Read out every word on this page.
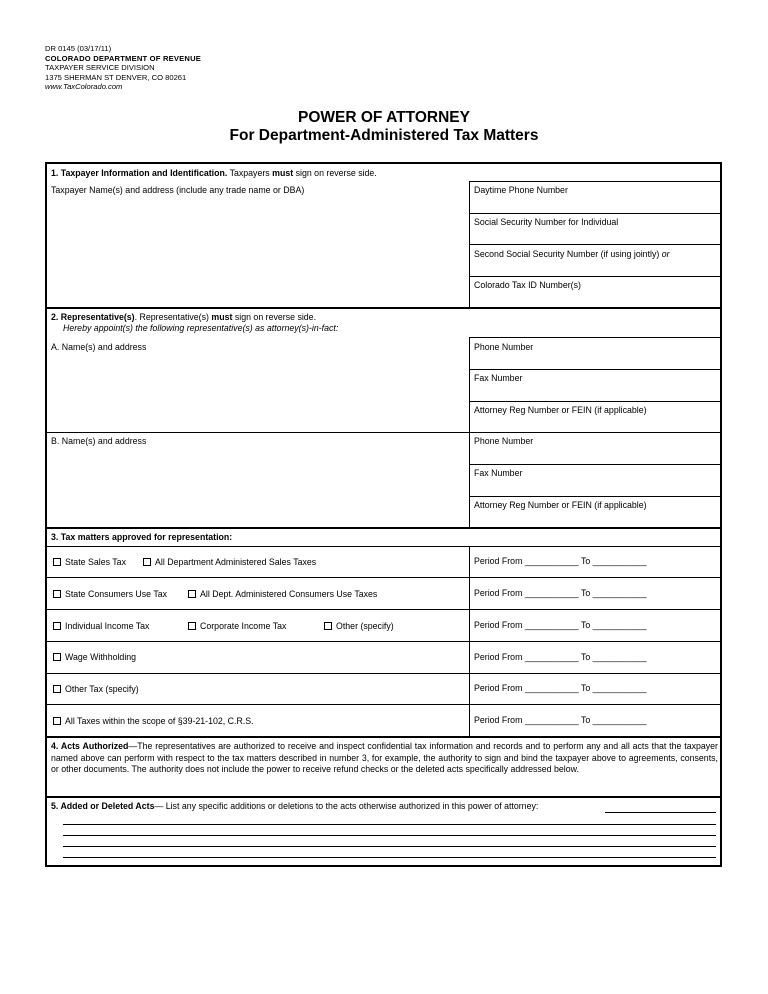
DR 0145 (03/17/11)
COLORADO DEPARTMENT OF REVENUE
TAXPAYER SERVICE DIVISION
1375 SHERMAN ST DENVER, CO 80261
www.TaxColorado.com
POWER OF ATTORNEY
For Department-Administered Tax Matters
1. Taxpayer Information and Identification. Taxpayers must sign on reverse side.
Taxpayer Name(s) and address (include any trade name or DBA)	Daytime Phone Number
Social Security Number for Individual
Second Social Security Number (if using jointly) or
Colorado Tax ID Number(s)
2. Representative(s). Representative(s) must sign on reverse side.
Hereby appoint(s) the following representative(s) as attorney(s)-in-fact:
A. Name(s) and address	Phone Number
Fax Number
Attorney Reg Number or FEIN (if applicable)
B. Name(s) and address	Phone Number
Fax Number
Attorney Reg Number or FEIN (if applicable)
3. Tax matters approved for representation:
State Sales Tax	All Department Administered Sales Taxes	Period From ___________ To ___________
State Consumers Use Tax	All Dept. Administered Consumers Use Taxes	Period From ___________ To ___________
Individual Income Tax	Corporate Income Tax	Other (specify)	Period From ___________ To ___________
Wage Withholding	Period From ___________ To ___________
Other Tax (specify)	Period From ___________ To ___________
All Taxes within the scope of §39-21-102, C.R.S.	Period From ___________ To ___________
4. Acts Authorized—The representatives are authorized to receive and inspect confidential tax information and records and to perform any and all acts that the taxpayer named above can perform with respect to the tax matters described in number 3, for example, the authority to sign and bind the taxpayer above to agreements, consents, or other documents. The authority does not include the power to receive refund checks or the deleted acts specifically addressed below.
5. Added or Deleted Acts— List any specific additions or deletions to the acts otherwise authorized in this power of attorney:
